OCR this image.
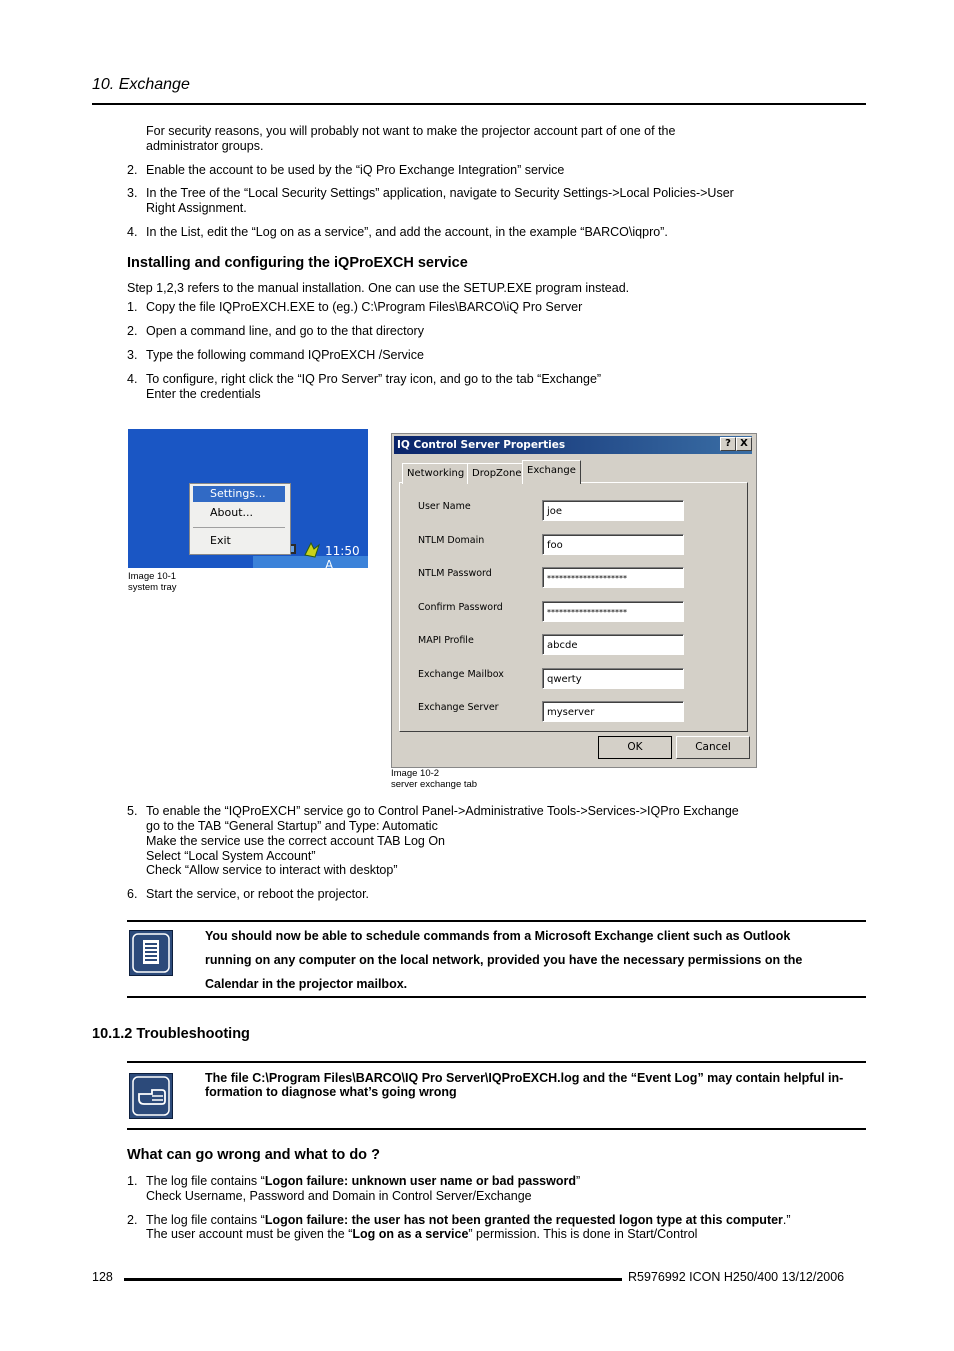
10. Exchange
For security reasons, you will probably not want to make the projector account part of one of the
administrator groups.
2. Enable the account to be used by the “iQ Pro Exchange Integration” service
3. In the Tree of the “Local Security Settings” application, navigate to Security Settings->Local Policies->User
Right Assignment.
4. In the List, edit the “Log on as a service”, and add the account, in the example “BARCO\iqpro”.
Installing and configuring the iQProEXCH service
Step 1,2,3 refers to the manual installation. One can use the SETUP.EXE program instead.
1. Copy the file IQProEXCH.EXE to (eg.) C:\Program Files\BARCO\iQ Pro Server
2. Open a command line, and go to the that directory
3. Type the following command IQProEXCH /Service
4. To configure, right click the “IQ Pro Server” tray icon, and go to the tab “Exchange”
Enter the credentials
11:50 A
Settings...
About...
Exit
Image 10-1
system tray
IQ Control Server Properties	? X
Networking DropZone Exchange
User Name	joe
NTLM Domain	foo
NTLM Password	********************
Confirm Password	********************
MAPI Profile	abcde
Exchange Mailbox	qwerty
Exchange Server	myserver
OK	Cancel
Image 10-2
server exchange tab
5. To enable the “IQProEXCH” service go to Control Panel->Administrative Tools->Services->IQPro Exchange
go to the TAB “General Startup” and Type: Automatic
Make the service use the correct account TAB Log On
Select “Local System Account”
Check “Allow service to interact with desktop”
6. Start the service, or reboot the projector.
You should now be able to schedule commands from a Microsoft Exchange client such as Outlook
running on any computer on the local network, provided you have the necessary permissions on the
Calendar in the projector mailbox.
10.1.2 Troubleshooting
The file C:\Program Files\BARCO\IQ Pro Server\IQProEXCH.log and the “Event Log” may contain helpful in-
formation to diagnose what’s going wrong
What can go wrong and what to do ?
1. The log file contains “Logon failure: unknown user name or bad password”
Check Username, Password and Domain in Control Server/Exchange
2. The log file contains “Logon failure: the user has not been granted the requested logon type at this computer.”
The user account must be given the “Log on as a service” permission. This is done in Start/Control
128	R5976992 ICON H250/400 13/12/2006
